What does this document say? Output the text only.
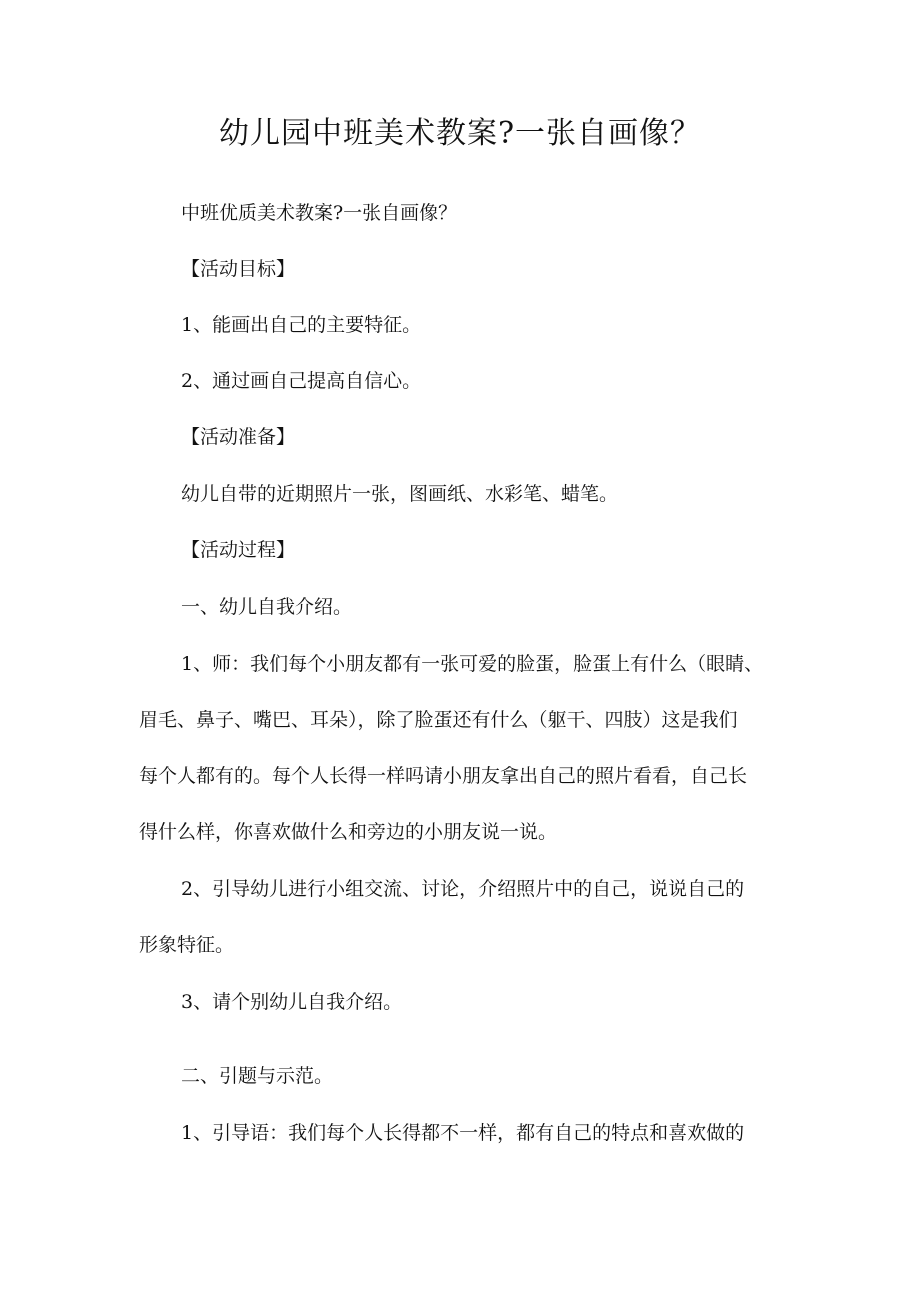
幼儿园中班美术教案?一张自画像？
中班优质美术教案?一张自画像？
【活动目标】
1、能画出自己的主要特征。
2、通过画自己提高自信心。
【活动准备】
幼儿自带的近期照片一张，图画纸、水彩笔、蜡笔。
【活动过程】
一、幼儿自我介绍。
1、师：我们每个小朋友都有一张可爱的脸蛋，脸蛋上有什么（眼睛、
眉毛、鼻子、嘴巴、耳朵），除了脸蛋还有什么（躯干、四肢）这是我们
每个人都有的。每个人长得一样吗请小朋友拿出自己的照片看看，自己长
得什么样，你喜欢做什么和旁边的小朋友说一说。
2、引导幼儿进行小组交流、讨论，介绍照片中的自己，说说自己的
形象特征。
3、请个别幼儿自我介绍。
二、引题与示范。
1、引导语：我们每个人长得都不一样，都有自己的特点和喜欢做的
